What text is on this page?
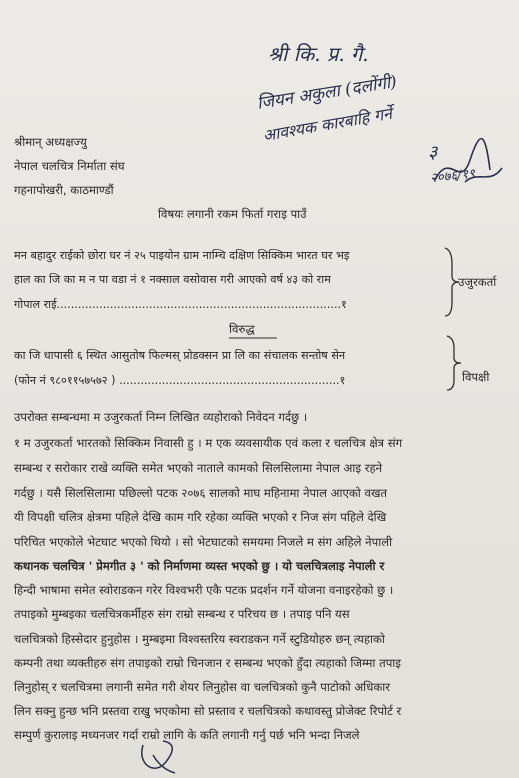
श्री कि. प्र. गै.
जियन अकुला (दलोंगी)
आवश्यक कारबाहि गर्ने
३
२०७६/१९
श्रीमान् अध्यक्षज्यु
नेपाल चलचित्र निर्माता संघ
गहनापोखरी, काठमाण्डौं
विषयः लगानी रकम फिर्ता गराइ पाउँ
मन बहादुर राईको छोरा घर नं २५ पाइयोन ग्राम नाम्चि दक्षिण सिक्किम भारत घर भइ
हाल का जि का म न पा वडा नं १ नक्साल वसोवास गरी आएको वर्ष ४३ को राम
गोपाल राई................................................................................१
उजुरकर्ता
विरुद्ध
का जि धापासी ६ स्थित आसुतोष फिल्मस् प्रोडक्सन प्रा लि का संचालक सन्तोष सेन
(फोन नं ९८०११५७५७२ ) ..............................................................१	विपक्षी
उपरोक्त सम्बन्धमा म उजुरकर्ता निम्न लिखित व्यहोराको निवेदन गर्दछु ।
१ म उजुरकर्ता भारतको सिक्किम निवासी हु । म एक व्यवसायीक एवं कला र चलचित्र क्षेत्र संग
सम्बन्ध र सरोकार राखे व्यक्ति समेत भएको नाताले कामको सिलसिलामा नेपाल आइ रहने
गर्दछु । यसै सिलसिलामा पछिल्लो पटक २०७६ सालको माघ महिनामा नेपाल आएको वखत
यी विपक्षी चलित्र क्षेत्रमा पहिले देखि काम गरि रहेका व्यक्ति भएको र निज संग पहिले देखि
परिचित भएकोले भेटघाट भएको थियो । सो भेटघाटको समयमा निजले म संग अहिले नेपाली
कथानक चलचित्र ' प्रेमगीत ३ ' को निर्माणमा व्यस्त भएको छु । यो चलचित्रलाइ नेपाली र
हिन्दी भाषामा समेत स्वोराडकन गरेर विश्वभरी एकै पटक प्रदर्शन गर्ने योजना वनाइरहेको छु ।
तपाइको मुम्बइका चलचित्रकर्मीहरु संग राम्रो सम्बन्ध र परिचय छ । तपाइ पनि यस
चलचित्रको हिस्सेदार हुनुहोस । मुम्बइमा विश्वस्तरिय स्वराडकन गर्ने स्टुडियोहरु छन् त्यहाको
कम्पनी तथा व्यक्तीहरु संग तपाइको राम्रो चिनजान र सम्बन्ध भएको हुँदा त्यहाको जिम्मा तपाइ
लिनुहोस् र चलचित्रमा लगानी समेत गरी शेयर लिनुहोस वा चलचित्रको कुनै पाटोको अधिकार
लिन सक्नु हुन्छ भनि प्रस्तवा राखु भएकोमा सो प्रस्ताव र चलचित्रको कथावस्तु प्रोजेक्ट रिपोर्ट र
सम्पुर्ण कुरालाइ मध्यनजर गर्दा राम्रो लागि के कति लगानी गर्नु पर्छ भनि भन्दा निजले
